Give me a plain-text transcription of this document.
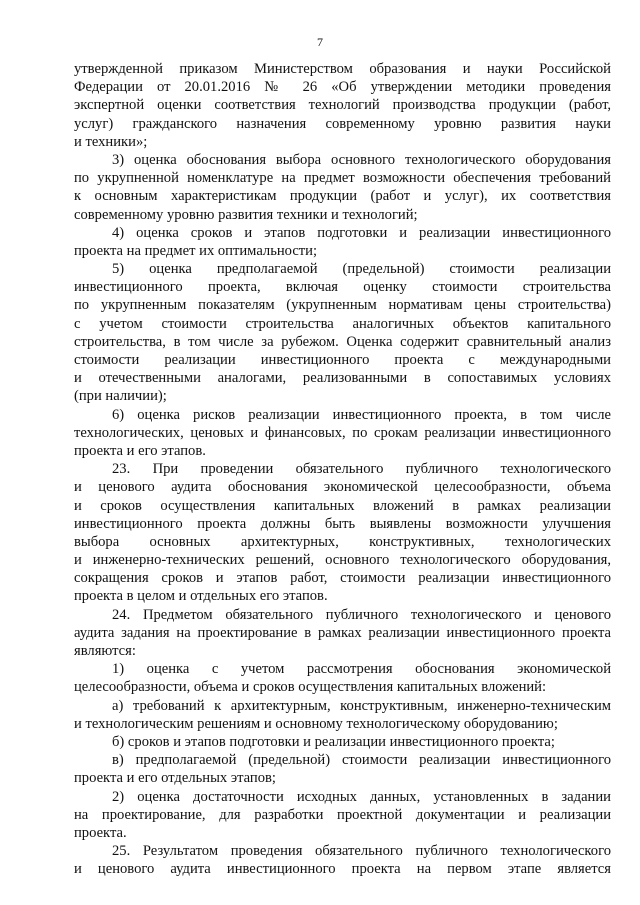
7
утвержденной приказом Министерством образования и науки Российской
Федерации от 20.01.2016 № 26 «Об утверждении методики проведения
экспертной оценки соответствия технологий производства продукции (работ,
услуг) гражданского назначения современному уровню развития науки
и техники»;
3) оценка обоснования выбора основного технологического оборудования
по укрупненной номенклатуре на предмет возможности обеспечения требований
к основным характеристикам продукции (работ и услуг), их соответствия
современному уровню развития техники и технологий;
4) оценка сроков и этапов подготовки и реализации инвестиционного
проекта на предмет их оптимальности;
5) оценка предполагаемой (предельной) стоимости реализации
инвестиционного проекта, включая оценку стоимости строительства
по укрупненным показателям (укрупненным нормативам цены строительства)
с учетом стоимости строительства аналогичных объектов капитального
строительства, в том числе за рубежом. Оценка содержит сравнительный анализ
стоимости реализации инвестиционного проекта с международными
и отечественными аналогами, реализованными в сопоставимых условиях
(при наличии);
6) оценка рисков реализации инвестиционного проекта, в том числе
технологических, ценовых и финансовых, по срокам реализации инвестиционного
проекта и его этапов.
23. При проведении обязательного публичного технологического
и ценового аудита обоснования экономической целесообразности, объема
и сроков осуществления капитальных вложений в рамках реализации
инвестиционного проекта должны быть выявлены возможности улучшения
выбора основных архитектурных, конструктивных, технологических
и инженерно-технических решений, основного технологического оборудования,
сокращения сроков и этапов работ, стоимости реализации инвестиционного
проекта в целом и отдельных его этапов.
24. Предметом обязательного публичного технологического и ценового
аудита задания на проектирование в рамках реализации инвестиционного проекта
являются:
1) оценка с учетом рассмотрения обоснования экономической
целесообразности, объема и сроков осуществления капитальных вложений:
а) требований к архитектурным, конструктивным, инженерно-техническим
и технологическим решениям и основному технологическому оборудованию;
б) сроков и этапов подготовки и реализации инвестиционного проекта;
в) предполагаемой (предельной) стоимости реализации инвестиционного
проекта и его отдельных этапов;
2) оценка достаточности исходных данных, установленных в задании
на проектирование, для разработки проектной документации и реализации
проекта.
25. Результатом проведения обязательного публичного технологического
и ценового аудита инвестиционного проекта на первом этапе является
